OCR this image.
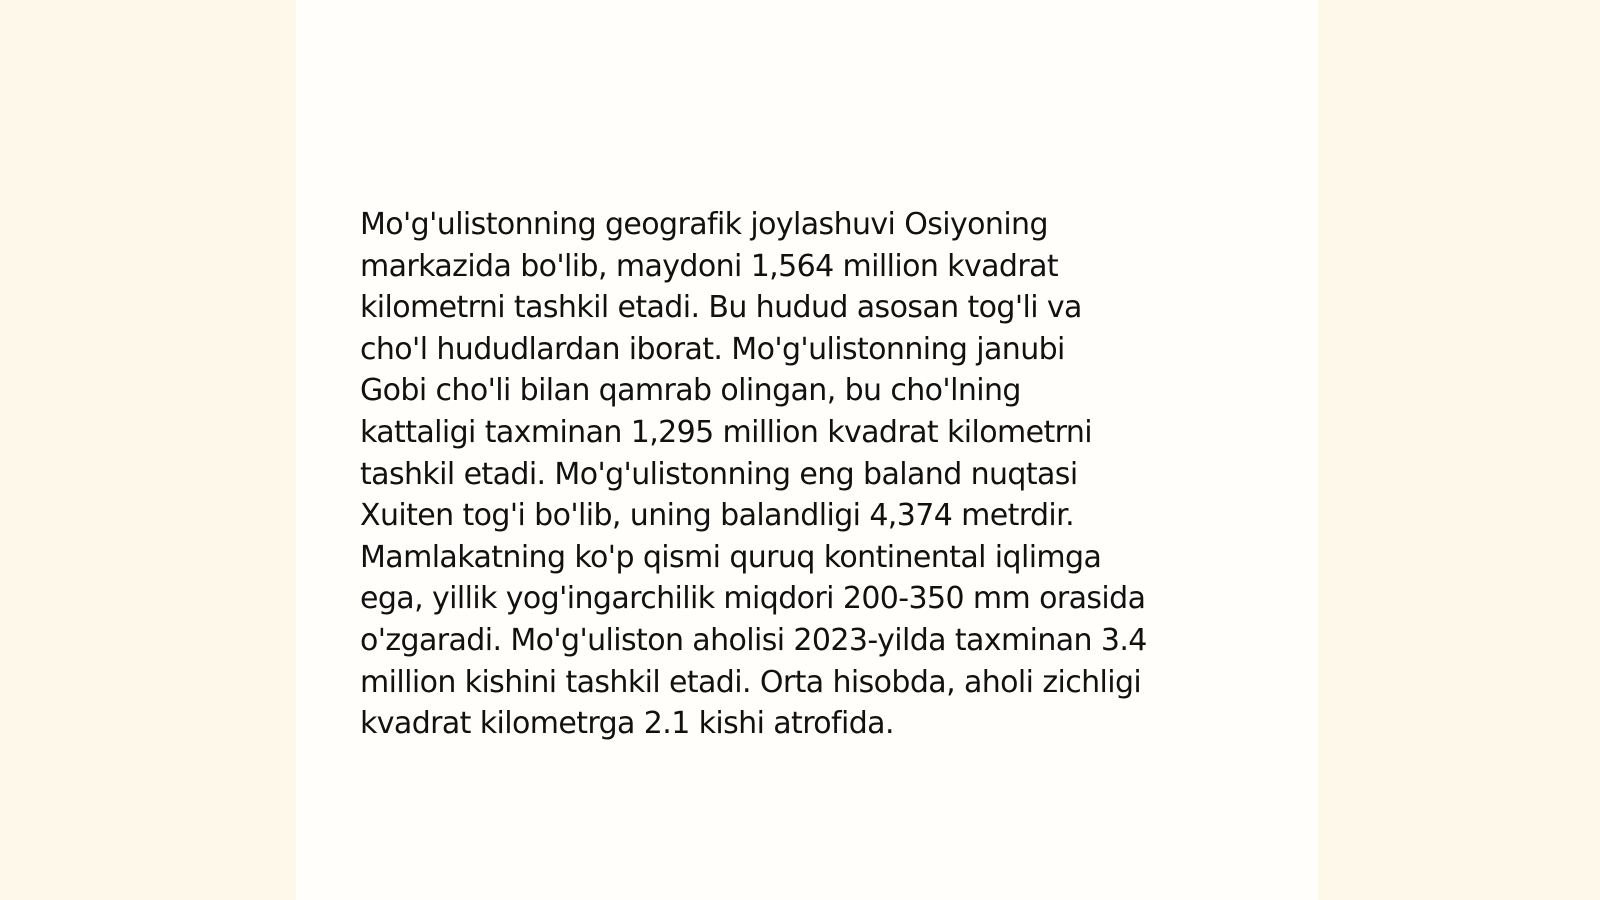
Mo'g'ulistonning geografik joylashuvi Osiyoning
markazida bo'lib, maydoni 1,564 million kvadrat
kilometrni tashkil etadi. Bu hudud asosan tog'li va
cho'l hududlardan iborat. Mo'g'ulistonning janubi
Gobi cho'li bilan qamrab olingan, bu cho'lning
kattaligi taxminan 1,295 million kvadrat kilometrni
tashkil etadi. Mo'g'ulistonning eng baland nuqtasi
Xuiten tog'i bo'lib, uning balandligi 4,374 metrdir.
Mamlakatning ko'p qismi quruq kontinental iqlimga
ega, yillik yog'ingarchilik miqdori 200-350 mm orasida
o'zgaradi. Mo'g'uliston aholisi 2023-yilda taxminan 3.4
million kishini tashkil etadi. Orta hisobda, aholi zichligi
kvadrat kilometrga 2.1 kishi atrofida.
